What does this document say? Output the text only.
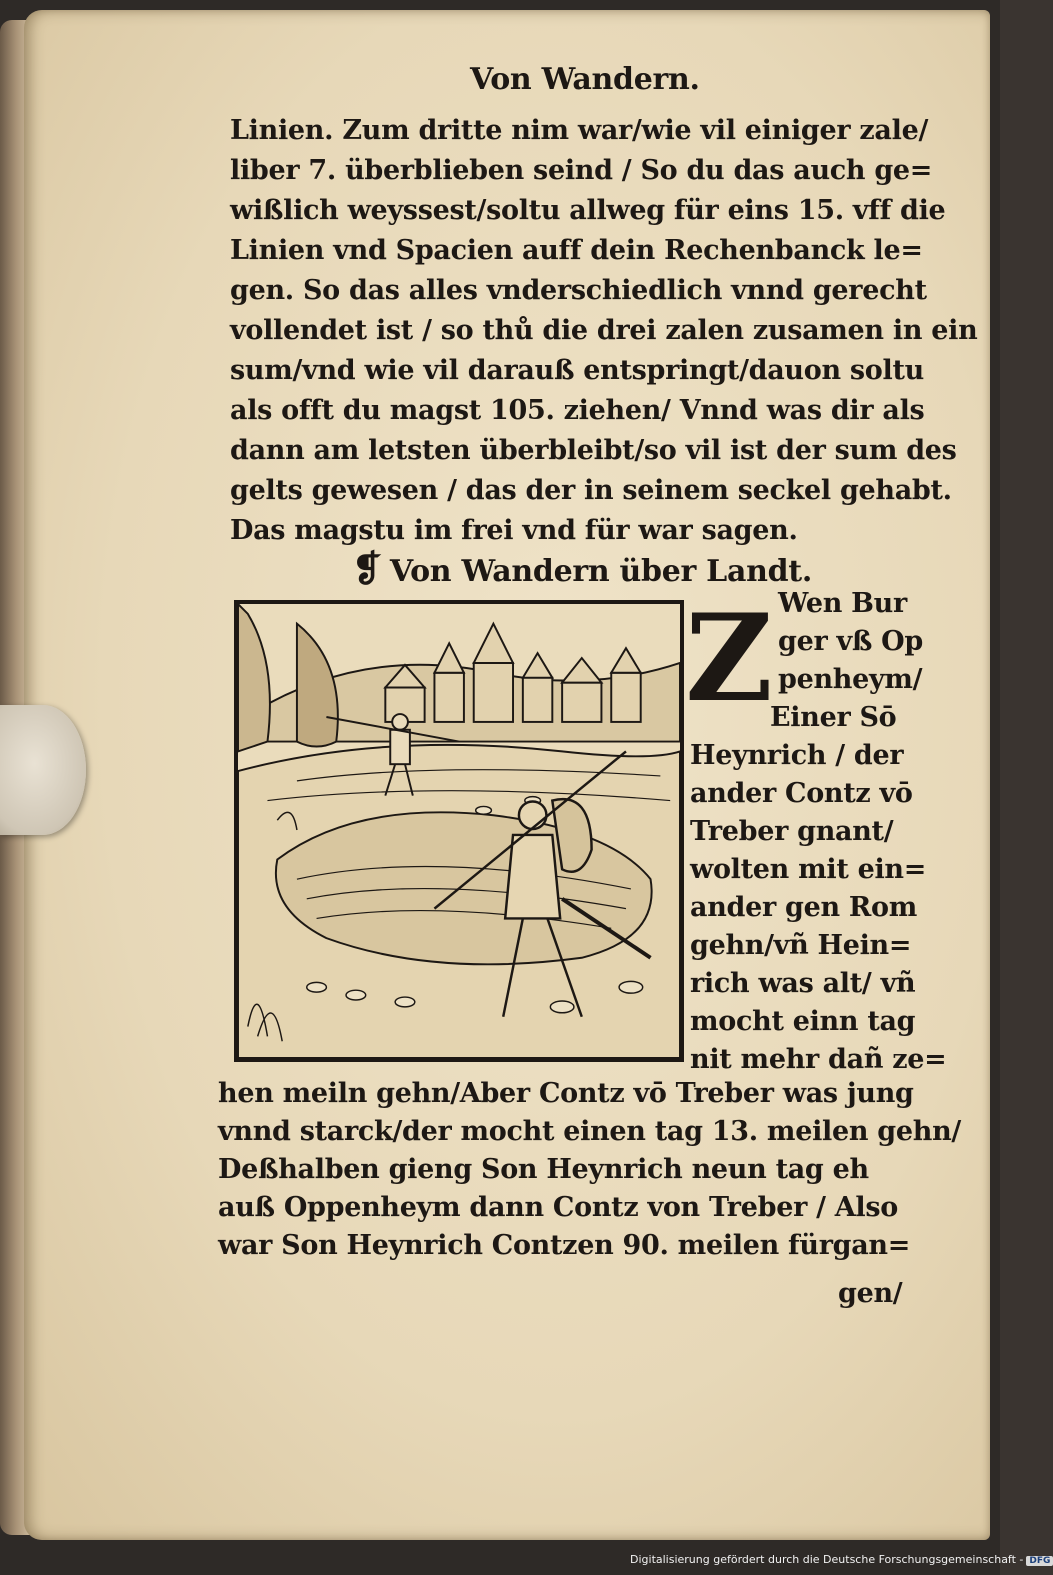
Von Wandern.
Linien. Zum dritte nim war/wie vil einiger zale/
liber 7. überblieben seind / So du das auch ge=
wißlich weyssest/soltu allweg für eins 15. vff die
Linien vnd Spacien auff dein Rechenbanck le=
gen. So das alles vnderschiedlich vnnd gerecht
vollendet ist / so thů die drei zalen zusamen in ein
sum/vnd wie vil darauß entspringt/dauon soltu
als offt du magst 105. ziehen/ Vnnd was dir als
dann am letsten überbleibt/so vil ist der sum des
gelts gewesen / das der in seinem seckel gehabt.
Das magstu im frei vnd für war sagen.
❡ Von Wandern über Landt.
Z Wen Bur
ger vß Op
penheym/
Einer Sō
Heynrich / der
ander Contz vō
Treber gnant/
wolten mit ein=
ander gen Rom
gehn/vñ Hein=
rich was alt/ vñ
mocht einn tag
nit mehr dañ ze=
hen meiln gehn/Aber Contz vō Treber was jung
vnnd starck/der mocht einen tag 13. meilen gehn/
Deßhalben gieng Son Heynrich neun tag eh
auß Oppenheym dann Contz von Treber / Also
war Son Heynrich Contzen 90. meilen fürgan=
gen/
Digitalisierung gefördert durch die Deutsche Forschungsgemeinschaft - DFG
